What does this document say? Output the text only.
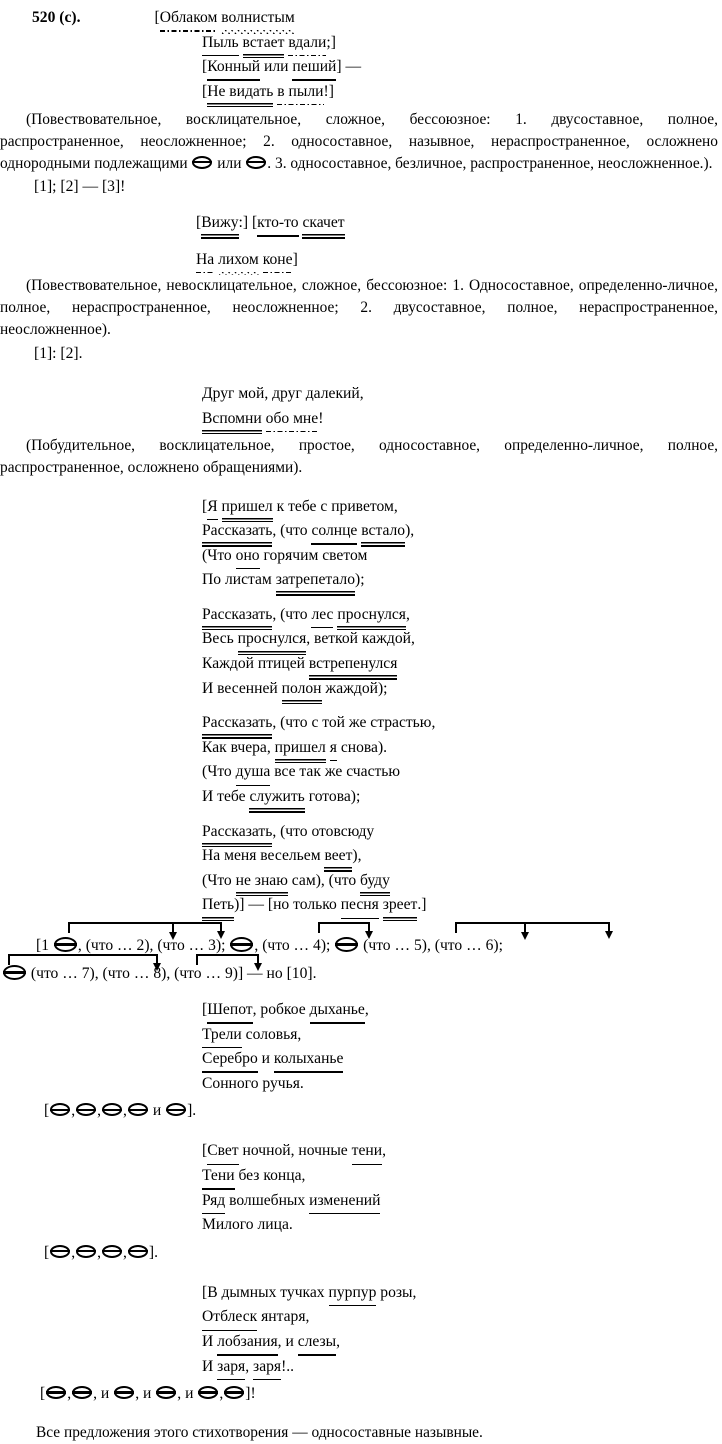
520 (с).	[Облаком волнистым
Пыль встает вдали;]
[Конный или пеший] —
[Не видать в пыли!]
(Повествовательное, восклицательное, сложное, бессоюзное: 1. двусоставное, полное, распространенное, неосложненное; 2. односоставное, назывное, нераспространенное, осложнено однородными подлежащими или . 3. односоставное, безличное, распространенное, неосложненное.).
[1]; [2] — [3]!
[Вижу:] [кто-то скачет
На лихом коне]
(Повествовательное, невосклицательное, сложное, бессоюзное: 1. Односоставное, определенно-личное, полное, нераспространенное, неосложненное; 2. двусоставное, полное, нераспространенное, неосложненное).
[1]: [2].
Друг мой, друг далекий,
Вспомни обо мне!
(Побудительное, восклицательное, простое, односоставное, определенно-личное, полное, распространенное, осложнено обращениями).
[Я пришел к тебе с приветом,
Рассказать, (что солнце встало),
(Что оно горячим светом
По листам затрепетало);
Рассказать, (что лес проснулся,
Весь проснулся, веткой каждой,
Каждой птицей встрепенулся
И весенней полон жаждой);
Рассказать, (что с той же страстью,
Как вчера, пришел я снова).
(Что душа все так же счастью
И тебе служить готова);
Рассказать, (что отовсюду
На меня весельем веет),
(Что не знаю сам), (что буду
Петь)] — [но только песня зреет.]
[1 , (что … 2), (что … 3); , (что … 4); (что … 5), (что … 6);
(что … 7), (что … 8), (что … 9)] — но [10].
[Шепот, робкое дыханье,
Трели соловья,
Серебро и колыханье
Сонного ручья.
[ , , , и ].
[Свет ночной, ночные тени,
Тени без конца,
Ряд волшебных изменений
Милого лица.
[ , , , ].
[В дымных тучках пурпур розы,
Отблеск янтаря,
И лобзания, и слезы,
И заря, заря!..
[ , , и , и , и , ]!
Все предложения этого стихотворения — односоставные назывные.
